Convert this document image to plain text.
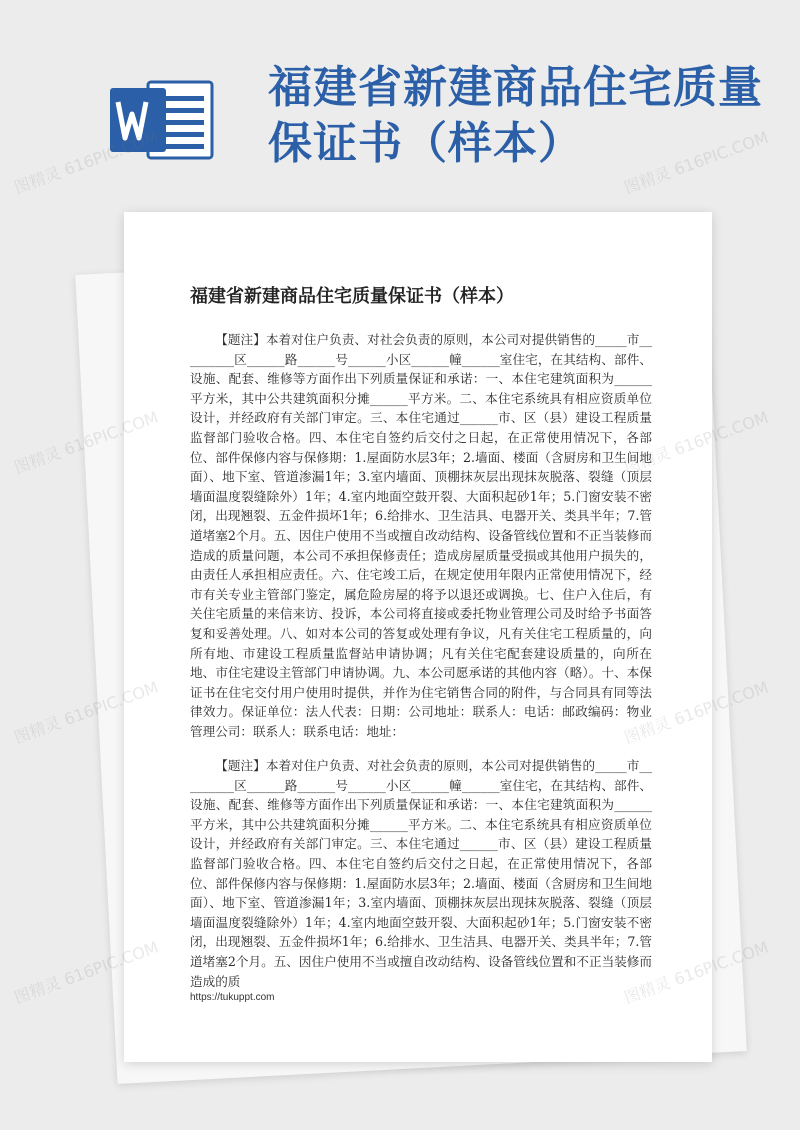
福建省新建商品住宅质量保证书（样本）
福建省新建商品住宅质量保证书（样本）

【题注】本着对住户负责、对社会负责的原则，本公司对提供销售的_____市_________区______路______号______小区______幢______室住宅，在其结构、部件、设施、配套、维修等方面作出下列质量保证和承诺：一、本住宅建筑面积为______平方米，其中公共建筑面积分摊______平方米。二、本住宅系统具有相应资质单位设计，并经政府有关部门审定。三、本住宅通过______市、区（县）建设工程质量监督部门验收合格。四、本住宅自签约后交付之日起，在正常使用情况下，各部位、部件保修内容与保修期：1.屋面防水层3年；2.墙面、楼面（含厨房和卫生间地面）、地下室、管道渗漏1年；3.室内墙面、顶棚抹灰层出现抹灰脱落、裂缝（顶层墙面温度裂缝除外）1年；4.室内地面空鼓开裂、大面积起砂1年；5.门窗安装不密闭，出现翘裂、五金件损坏1年；6.给排水、卫生洁具、电器开关、类具半年；7.管道堵塞2个月。五、因住户使用不当或擅自改动结构、设备管线位置和不正当装修而造成的质量问题，本公司不承担保修责任；造成房屋质量受损或其他用户损失的，由责任人承担相应责任。六、住宅竣工后，在规定使用年限内正常使用情况下，经市有关专业主管部门鉴定，属危险房屋的将予以退还或调换。七、住户入住后，有关住宅质量的来信来访、投诉，本公司将直接或委托物业管理公司及时给予书面答复和妥善处理。八、如对本公司的答复或处理有争议，凡有关住宅工程质量的，向所有地、市建设工程质量监督站申请协调；凡有关住宅配套建设质量的，向所在地、市住宅建设主管部门申请协调。九、本公司愿承诺的其他内容（略）。十、本保证书在住宅交付用户使用时提供，并作为住宅销售合同的附件，与合同具有同等法律效力。保证单位：法人代表：日期：公司地址：联系人：电话：邮政编码：物业管理公司：联系人：联系电话：地址：

【题注】本着对住户负责、对社会负责的原则，本公司对提供销售的_____市_________区______路______号______小区______幢______室住宅，在其结构、部件、设施、配套、维修等方面作出下列质量保证和承诺：一、本住宅建筑面积为______平方米，其中公共建筑面积分摊______平方米。二、本住宅系统具有相应资质单位设计，并经政府有关部门审定。三、本住宅通过______市、区（县）建设工程质量监督部门验收合格。四、本住宅自签约后交付之日起，在正常使用情况下，各部位、部件保修内容与保修期：1.屋面防水层3年；2.墙面、楼面（含厨房和卫生间地面）、地下室、管道渗漏1年；3.室内墙面、顶棚抹灰层出现抹灰脱落、裂缝（顶层墙面温度裂缝除外）1年；4.室内地面空鼓开裂、大面积起砂1年；5.门窗安装不密闭，出现翘裂、五金件损坏1年；6.给排水、卫生洁具、电器开关、类具半年；7.管道堵塞2个月。五、因住户使用不当或擅自改动结构、设备管线位置和不正当装修而造成的质

https://tukuppt.com
图精灵 616PIC.COM	图精灵 616PIC.COM
图精灵
616PIC.COM
图精灵 616PIC.COM
图精灵 616PIC.COM
